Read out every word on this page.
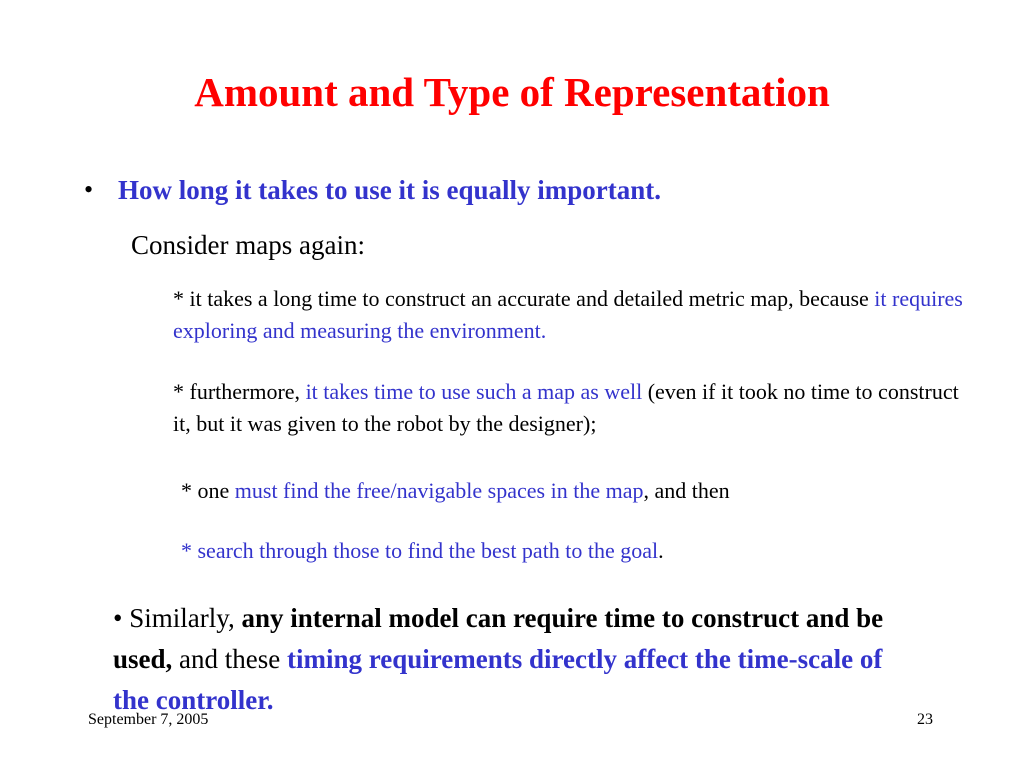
Amount and Type of Representation
• How long it takes to use it is equally important.
Consider maps again:
* it takes a long time to construct an accurate and detailed metric map, because it requires exploring and measuring the environment.
* furthermore, it takes time to use such a map as well (even if it took no time to construct it, but it was given to the robot by the designer);
* one must find the free/navigable spaces in the map, and then
* search through those to find the best path to the goal.
• Similarly, any internal model can require time to construct and be used, and these timing requirements directly affect the time-scale of the controller.
September 7, 2005	23
